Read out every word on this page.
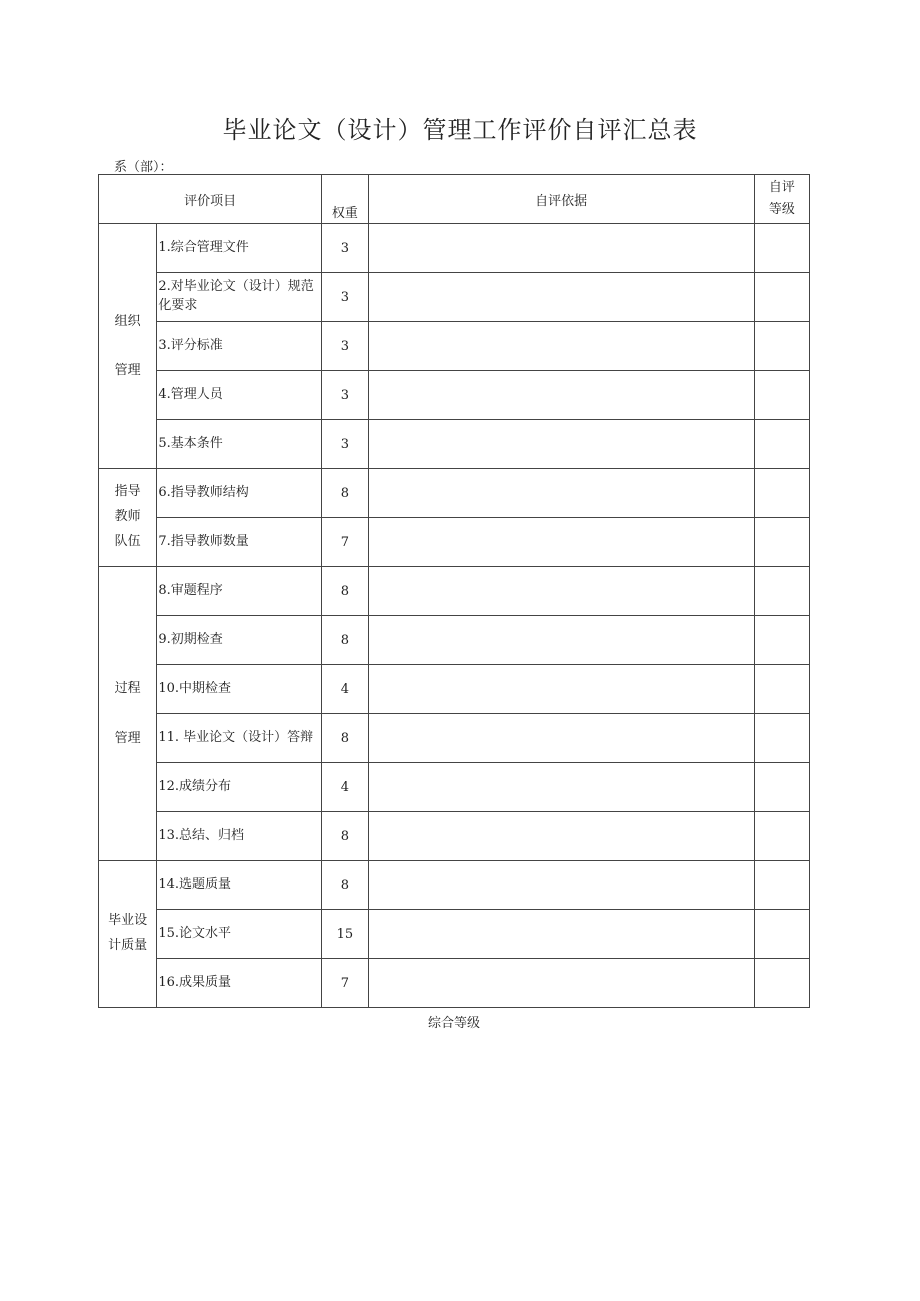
毕业论文（设计）管理工作评价自评汇总表
系（部）：
评价项目		权重	自评依据	自评
等级

组织
管理	1.综合管理文件	3		
	2.对毕业论文（设计）规范化要求	3		
	3.评分标准	3		
	4.管理人员	3		
	5.基本条件	3		

指导
教师
队伍	6.指导教师结构	8		
	7.指导教师数量	7		

过程
管理	8.审题程序	8		
	9.初期检查	8		
	10.中期检查	4		
	11. 毕业论文（设计）答辩	8		
	12.成绩分布	4		
	13.总结、归档	8		

毕业设
计质量	14.选题质量	8		
	15.论文水平	15		
	16.成果质量	7		
综合等级
